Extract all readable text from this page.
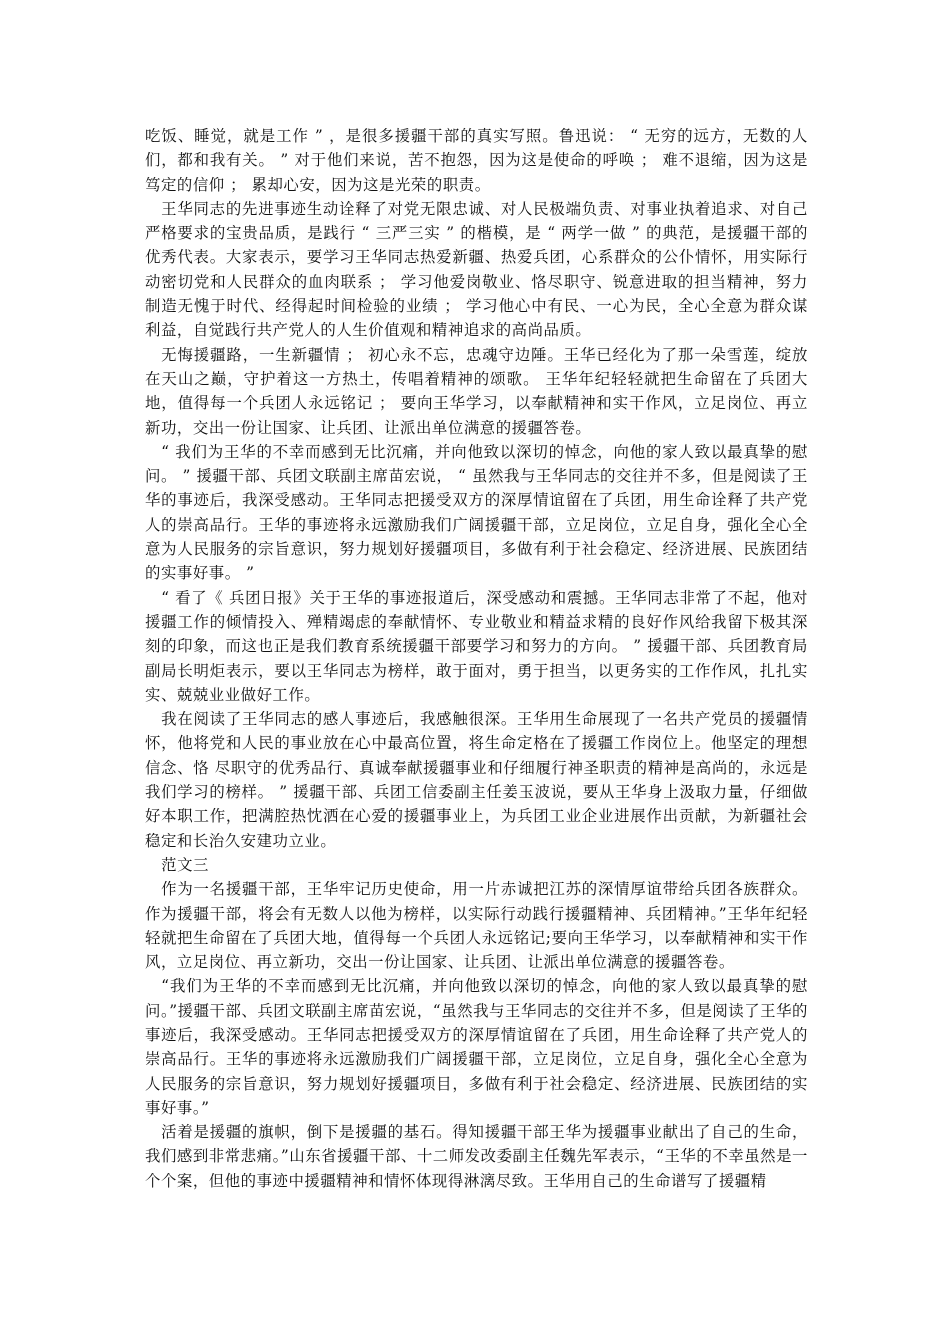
吃饭、睡觉，就是工作 ” ，是很多援疆干部的真实写照。鲁迅说： “ 无穷的远方，无数的人们，都和我有关。 ” 对于他们来说，苦不抱怨，因为这是使命的呼唤 ； 难不退缩，因为这是笃定的信仰 ； 累却心安，因为这是光荣的职责。

王华同志的先进事迹生动诠释了对党无限忠诚、对人民极端负责、对事业执着追求、对自己严格要求的宝贵品质，是践行 “ 三严三实 ” 的楷模，是 “ 两学一做 ” 的典范，是援疆干部的优秀代表。大家表示，要学习王华同志热爱新疆、热爱兵团，心系群众的公仆情怀，用实际行动密切党和人民群众的血肉联系 ； 学习他爱岗敬业、恪尽职守、锐意进取的担当精神，努力制造无愧于时代、经得起时间检验的业绩 ； 学习他心中有民、一心为民，全心全意为群众谋利益，自觉践行共产党人的人生价值观和精神追求的高尚品质。

无悔援疆路，一生新疆情 ； 初心永不忘，忠魂守边陲。王华已经化为了那一朵雪莲，绽放在天山之巅，守护着这一方热土，传唱着精神的颂歌。 王华年纪轻轻就把生命留在了兵团大地，值得每一个兵团人永远铭记 ； 要向王华学习，以奉献精神和实干作风，立足岗位、再立新功，交出一份让国家、让兵团、让派出单位满意的援疆答卷。

“ 我们为王华的不幸而感到无比沉痛，并向他致以深切的悼念，向他的家人致以最真挚的慰问。 ” 援疆干部、兵团文联副主席苗宏说， “ 虽然我与王华同志的交往并不多，但是阅读了王华的事迹后，我深受感动。王华同志把援受双方的深厚情谊留在了兵团，用生命诠释了共产党人的崇高品行。王华的事迹将永远激励我们广阔援疆干部，立足岗位，立足自身，强化全心全意为人民服务的宗旨意识，努力规划好援疆项目，多做有利于社会稳定、经济进展、民族团结的实事好事。 ”

“ 看了《 兵团日报》关于王华的事迹报道后，深受感动和震撼。王华同志非常了不起，他对援疆工作的倾情投入、殚精竭虑的奉献情怀、专业敬业和精益求精的良好作风给我留下极其深刻的印象，而这也正是我们教育系统援疆干部要学习和努力的方向。 ” 援疆干部、兵团教育局副局长明炬表示，要以王华同志为榜样，敢于面对，勇于担当，以更务实的工作作风，扎扎实实、兢兢业业做好工作。

我在阅读了王华同志的感人事迹后，我感触很深。王华用生命展现了一名共产党员的援疆情怀，他将党和人民的事业放在心中最高位置，将生命定格在了援疆工作岗位上。他坚定的理想信念、恪 尽职守的优秀品行、真诚奉献援疆事业和仔细履行神圣职责的精神是高尚的，永远是我们学习的榜样。 ” 援疆干部、兵团工信委副主任姜玉波说，要从王华身上汲取力量，仔细做好本职工作，把满腔热忱洒在心爱的援疆事业上，为兵团工业企业进展作出贡献，为新疆社会稳定和长治久安建功立业。

范文三

作为一名援疆干部，王华牢记历史使命，用一片赤诚把江苏的深情厚谊带给兵团各族群众。作为援疆干部，将会有无数人以他为榜样，以实际行动践行援疆精神、兵团精神。”王华年纪轻轻就把生命留在了兵团大地，值得每一个兵团人永远铭记;要向王华学习，以奉献精神和实干作风，立足岗位、再立新功，交出一份让国家、让兵团、让派出单位满意的援疆答卷。

“我们为王华的不幸而感到无比沉痛，并向他致以深切的悼念，向他的家人致以最真挚的慰问。”援疆干部、兵团文联副主席苗宏说，“虽然我与王华同志的交往并不多，但是阅读了王华的事迹后，我深受感动。王华同志把援受双方的深厚情谊留在了兵团，用生命诠释了共产党人的崇高品行。王华的事迹将永远激励我们广阔援疆干部，立足岗位，立足自身，强化全心全意为人民服务的宗旨意识，努力规划好援疆项目，多做有利于社会稳定、经济进展、民族团结的实事好事。”

活着是援疆的旗帜，倒下是援疆的基石。得知援疆干部王华为援疆事业献出了自己的生命，我们感到非常悲痛。”山东省援疆干部、十二师发改委副主任魏先军表示，“王华的不幸虽然是一个个案，但他的事迹中援疆精神和情怀体现得淋漓尽致。王华用自己的生命谱写了援疆精
